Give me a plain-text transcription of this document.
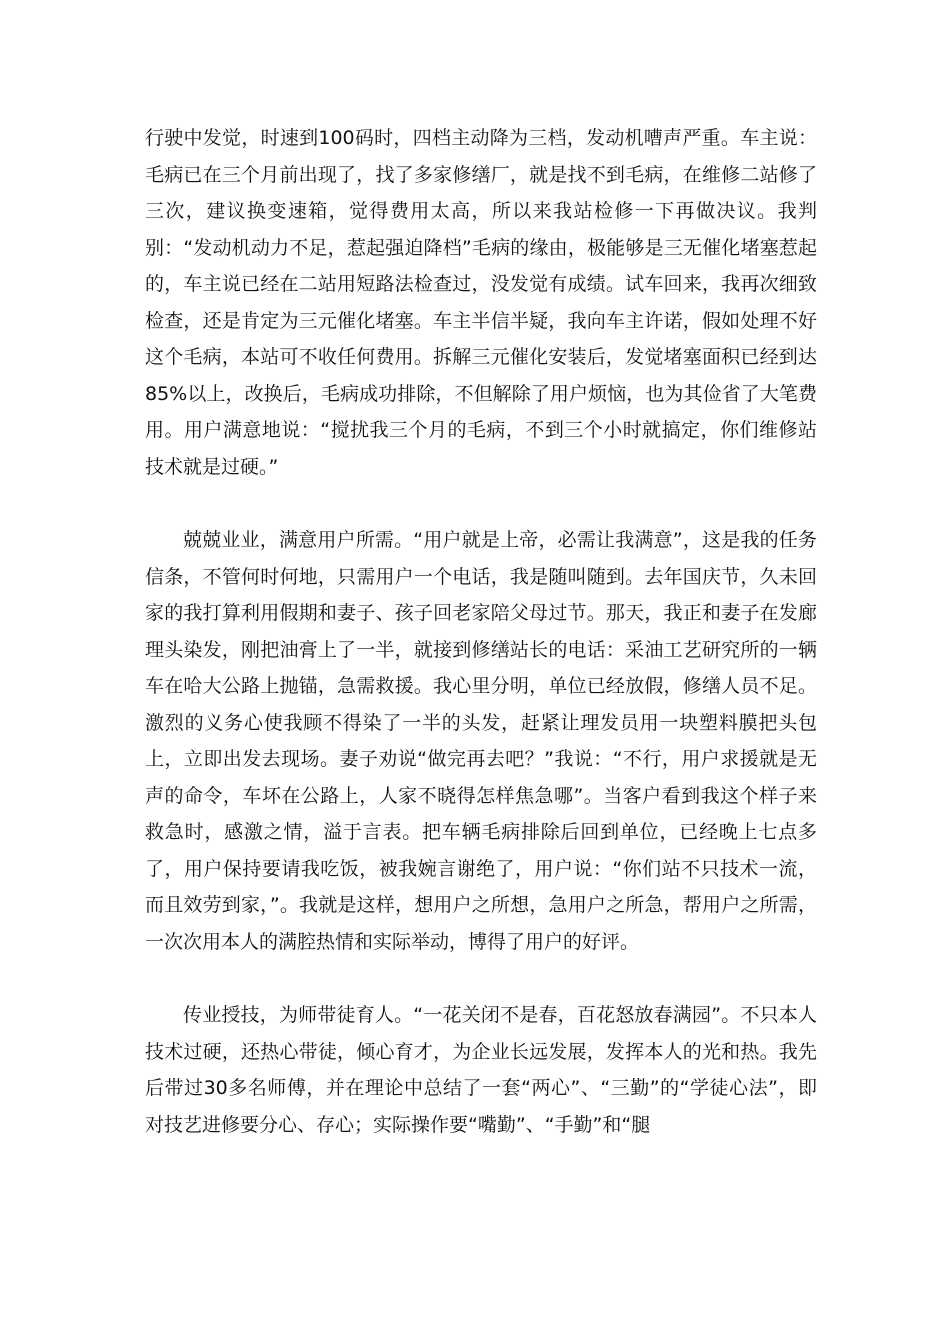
行驶中发觉，时速到100码时，四档主动降为三档，发动机嘈声严重。车主说：毛病已在三个月前出现了，找了多家修缮厂，就是找不到毛病，在维修二站修了三次，建议换变速箱，觉得费用太高，所以来我站检修一下再做决议。我判别：“发动机动力不足，惹起强迫降档”毛病的缘由，极能够是三无催化堵塞惹起的，车主说已经在二站用短路法检查过，没发觉有成绩。试车回来，我再次细致检查，还是肯定为三元催化堵塞。车主半信半疑，我向车主许诺，假如处理不好这个毛病，本站可不收任何费用。拆解三元催化安装后，发觉堵塞面积已经到达85%以上，改换后，毛病成功排除，不但解除了用户烦恼，也为其俭省了大笔费用。用户满意地说：“搅扰我三个月的毛病，不到三个小时就搞定，你们维修站技术就是过硬。”

兢兢业业，满意用户所需。“用户就是上帝，必需让我满意”，这是我的任务信条，不管何时何地，只需用户一个电话，我是随叫随到。去年国庆节，久未回家的我打算利用假期和妻子、孩子回老家陪父母过节。那天，我正和妻子在发廊理头染发，刚把油膏上了一半，就接到修缮站长的电话：采油工艺研究所的一辆车在哈大公路上抛锚，急需救援。我心里分明，单位已经放假，修缮人员不足。激烈的义务心使我顾不得染了一半的头发，赶紧让理发员用一块塑料膜把头包上，立即出发去现场。妻子劝说“做完再去吧？”我说：“不行，用户求援就是无声的命令，车坏在公路上，人家不晓得怎样焦急哪”。当客户看到我这个样子来救急时，感激之情，溢于言表。把车辆毛病排除后回到单位，已经晚上七点多了，用户保持要请我吃饭，被我婉言谢绝了，用户说：“你们站不只技术一流，而且效劳到家，”。我就是这样，想用户之所想，急用户之所急，帮用户之所需，一次次用本人的满腔热情和实际举动，博得了用户的好评。

传业授技，为师带徒育人。“一花关闭不是春，百花怒放春满园”。不只本人技术过硬，还热心带徒，倾心育才，为企业长远发展，发挥本人的光和热。我先后带过30多名师傅，并在理论中总结了一套“两心”、“三勤”的“学徒心法”，即对技艺进修要分心、存心；实际操作要“嘴勤”、“手勤”和“腿
